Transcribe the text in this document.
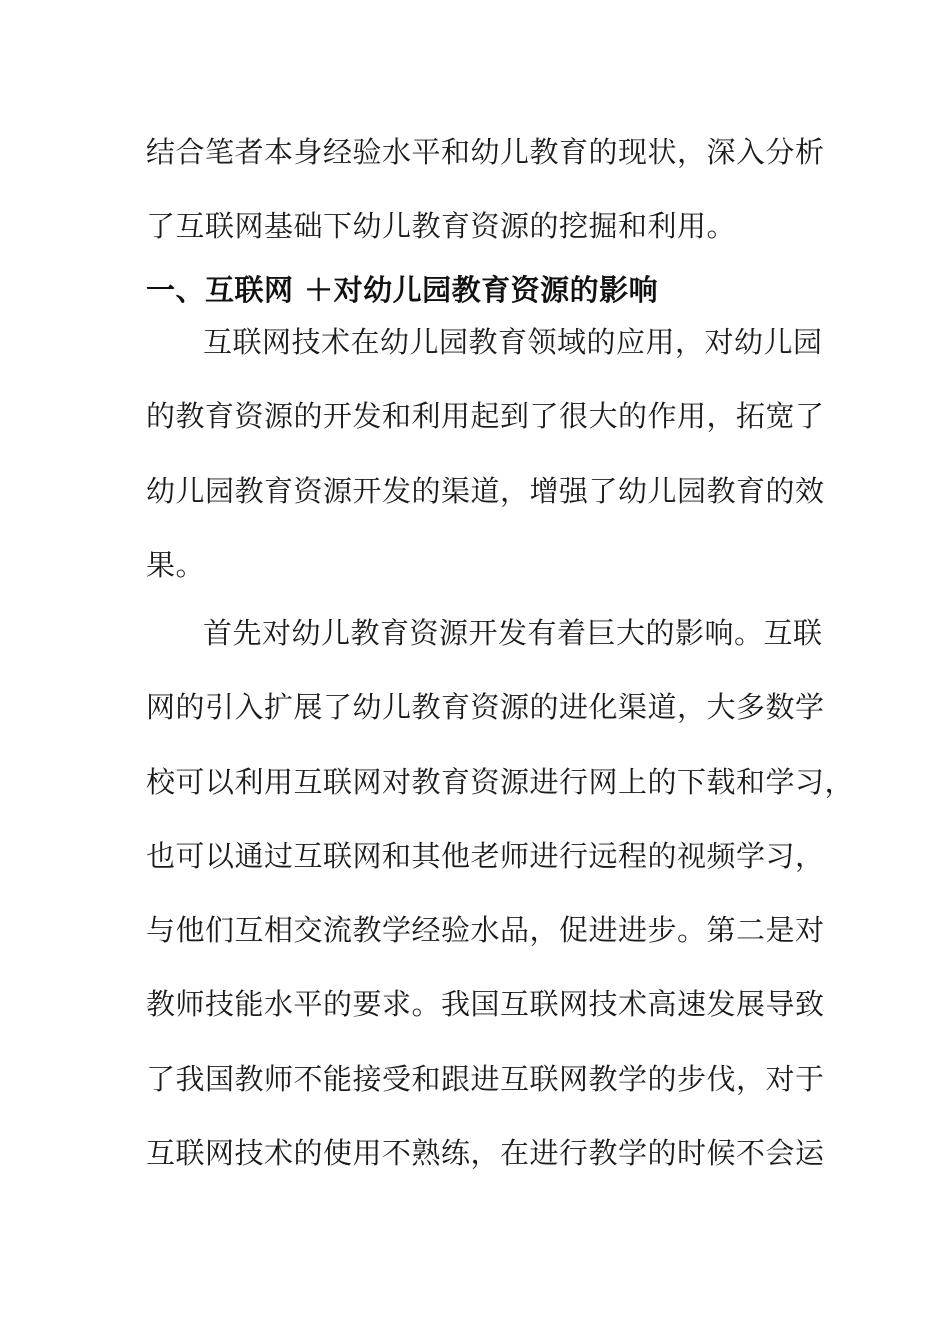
结合笔者本身经验水平和幼儿教育的现状，深入分析
了互联网基础下幼儿教育资源的挖掘和利用。
一、互联网 ＋对幼儿园教育资源的影响
互联网技术在幼儿园教育领域的应用，对幼儿园
的教育资源的开发和利用起到了很大的作用，拓宽了
幼儿园教育资源开发的渠道，增强了幼儿园教育的效
果。
首先对幼儿教育资源开发有着巨大的影响。互联
网的引入扩展了幼儿教育资源的进化渠道，大多数学
校可以利用互联网对教育资源进行网上的下载和学习，
也可以通过互联网和其他老师进行远程的视频学习，
与他们互相交流教学经验水品，促进进步。第二是对
教师技能水平的要求。我国互联网技术高速发展导致
了我国教师不能接受和跟进互联网教学的步伐，对于
互联网技术的使用不熟练，在进行教学的时候不会运
